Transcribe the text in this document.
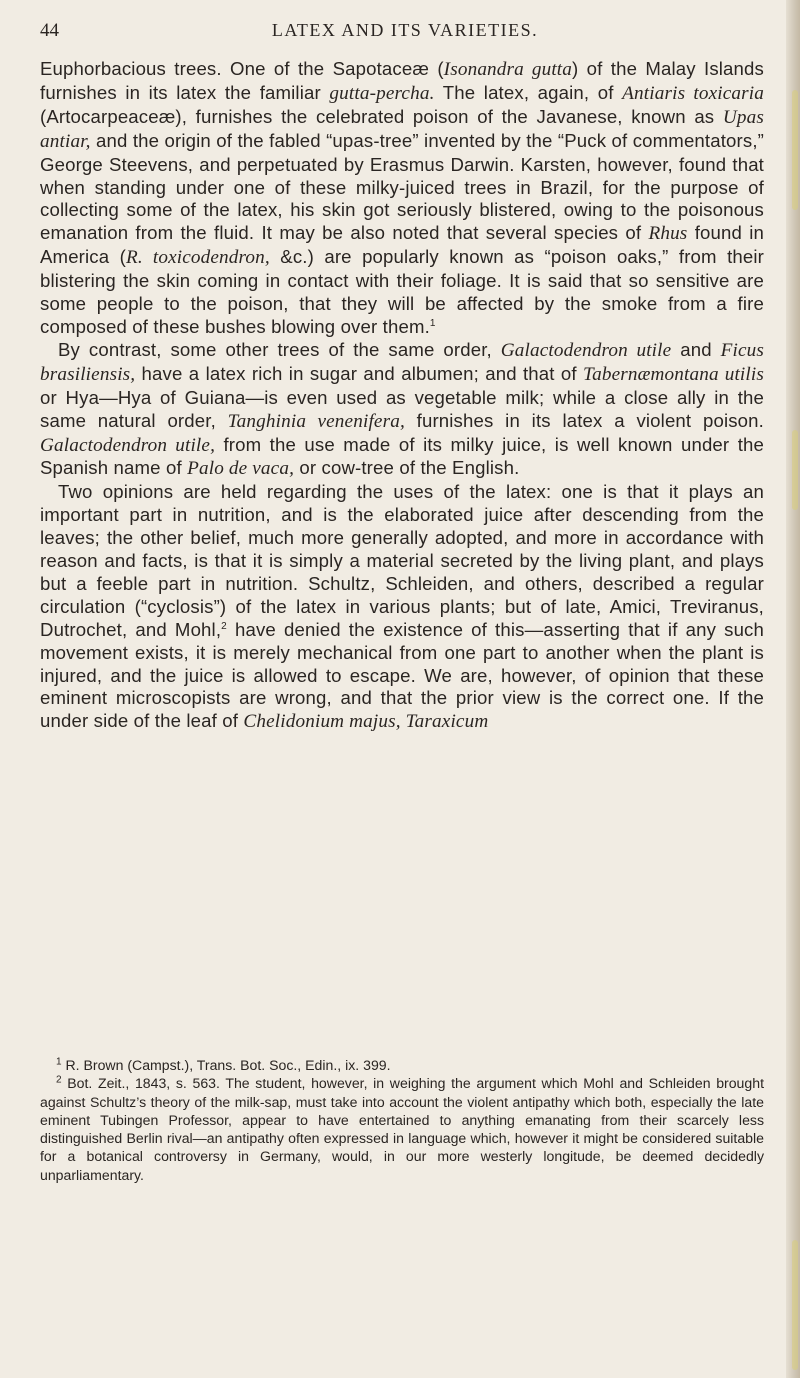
44	LATEX AND ITS VARIETIES.

Euphorbacious trees. One of the Sapotaceæ (Isonandra gutta) of the Malay Islands furnishes in its latex the familiar gutta-percha. The latex, again, of Antiaris toxicaria (Artocarpeaceæ), furnishes the celebrated poison of the Javanese, known as Upas antiar, and the origin of the fabled “upas-tree” invented by the “Puck of commentators,” George Steevens, and perpetuated by Erasmus Darwin. Karsten, however, found that when standing under one of these milky-juiced trees in Brazil, for the purpose of collecting some of the latex, his skin got seriously blistered, owing to the poisonous emanation from the fluid. It may be also noted that several species of Rhus found in America (R. toxicodendron, &c.) are popularly known as “poison oaks,” from their blistering the skin coming in contact with their foliage. It is said that so sensitive are some people to the poison, that they will be affected by the smoke from a fire composed of these bushes blowing over them.$^1$

By contrast, some other trees of the same order, Galactodendron utile and Ficus brasiliensis, have a latex rich in sugar and albumen; and that of Tabernæmontana utilis or Hya—Hya of Guiana—is even used as vegetable milk; while a close ally in the same natural order, Tanghinia venenifera, furnishes in its latex a violent poison. Galactodendron utile, from the use made of its milky juice, is well known under the Spanish name of Palo de vaca, or cow-tree of the English.

Two opinions are held regarding the uses of the latex: one is that it plays an important part in nutrition, and is the elaborated juice after descending from the leaves; the other belief, much more generally adopted, and more in accordance with reason and facts, is that it is simply a material secreted by the living plant, and plays but a feeble part in nutrition. Schultz, Schleiden, and others, described a regular circulation (“cyclosis”) of the latex in various plants; but of late, Amici, Treviranus, Dutrochet, and Mohl,$^2$ have denied the existence of this—asserting that if any such movement exists, it is merely mechanical from one part to another when the plant is injured, and the juice is allowed to escape. We are, however, of opinion that these eminent microscopists are wrong, and that the prior view is the correct one. If the under side of the leaf of Chelidonium majus, Taraxicum

$^1$ R. Brown (Campst.), Trans. Bot. Soc., Edin., ix. 399.

$^2$ Bot. Zeit., 1843, s. 563. The student, however, in weighing the argument which Mohl and Schleiden brought against Schultz’s theory of the milk-sap, must take into account the violent antipathy which both, especially the late eminent Tubingen Professor, appear to have entertained to anything emanating from their scarcely less distinguished Berlin rival—an antipathy often expressed in language which, however it might be considered suitable for a botanical controversy in Germany, would, in our more westerly longitude, be deemed decidedly unparliamentary.
